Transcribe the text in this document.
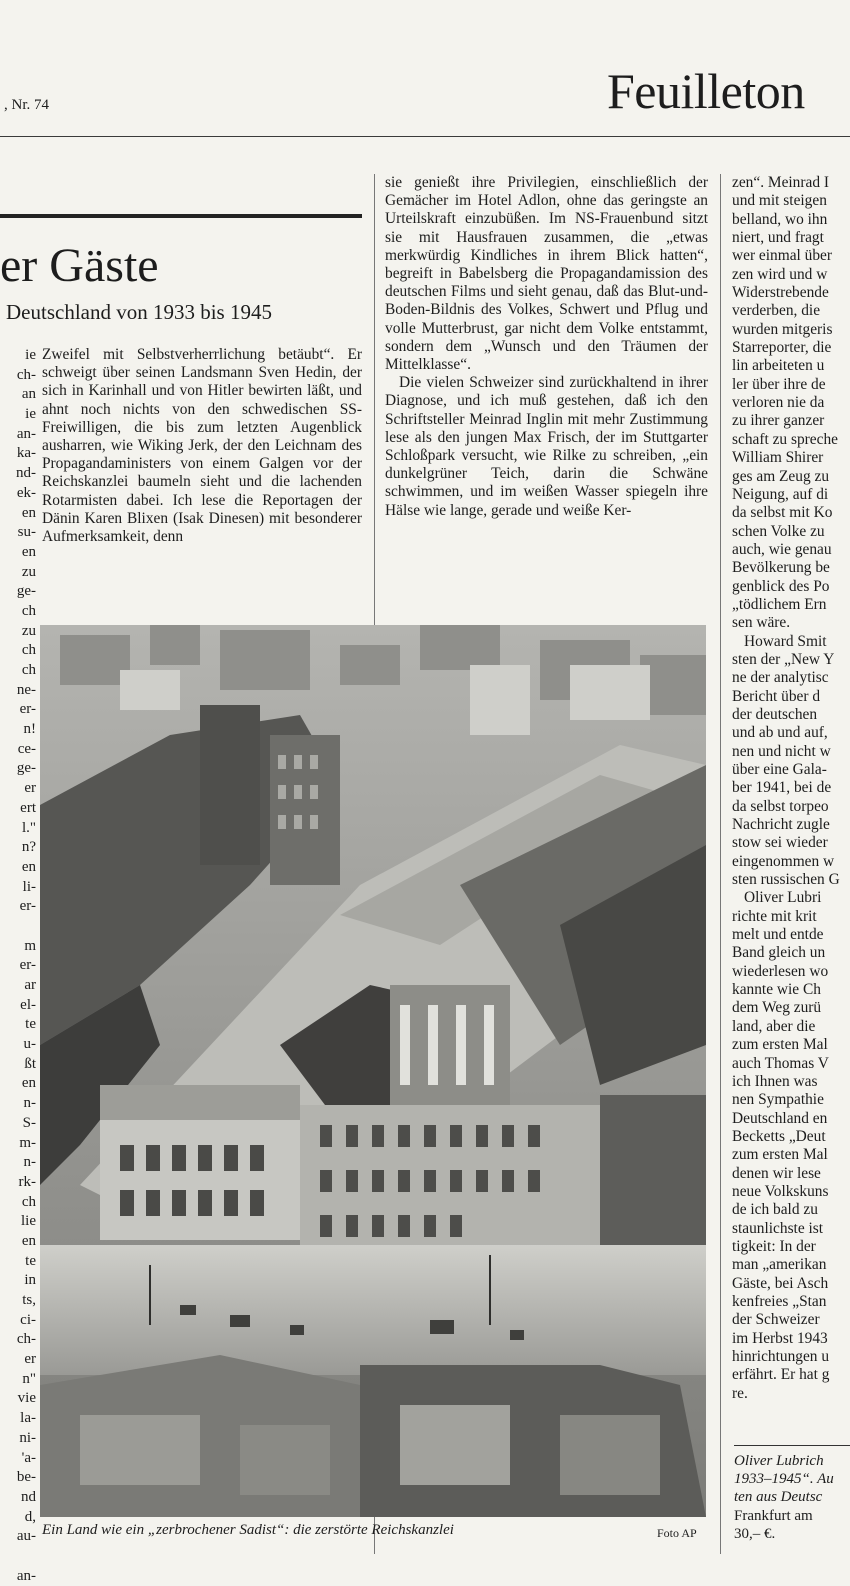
, Nr. 74	Feuilleton
er Gäste
Deutschland von 1933 bis 1945
ie
ch-
an
ie
an-
ka-
nd-
ek-
en
su-
en
zu
ge-
ch
zu
ch
ch
ne-
er-
n!
ce-
ge-
er
ert
l."
n?
en
li-
er-
m
er-
ar
el-
te
u-
ßt
en
n-
S-
m-
n-
rk-
ch
lie
en
te
in
ts,
ci-
ch-
er
n"
vie
la-
ni-
'a-
be-
nd
d,
au-
an-

Zweifel mit Selbstverherrlichung betäubt“. Er schweigt über seinen Landsmann Sven Hedin, der sich in Karinhall und von Hitler bewirten läßt, und ahnt noch nichts von den schwedischen SS-Freiwilligen, die bis zum letzten Augenblick ausharren, wie Wiking Jerk, der den Leichnam des Propagandaministers von einem Galgen vor der Reichskanzlei baumeln sieht und die lachenden Rotarmisten dabei. Ich lese die Reportagen der Dänin Karen Blixen (Isak Dinesen) mit besonderer Aufmerksamkeit, denn

sie genießt ihre Privilegien, einschließlich der Gemächer im Hotel Adlon, ohne das geringste an Urteilskraft einzubüßen. Im NS-Frauenbund sitzt sie mit Hausfrauen zusammen, die „etwas merkwürdig Kindliches in ihrem Blick hatten“, begreift in Babelsberg die Propagandamission des deutschen Films und sieht genau, daß das Blut-und-Boden-Bildnis des Volkes, Schwert und Pflug und volle Mutterbrust, gar nicht dem Volke entstammt, sondern dem „Wunsch und den Träumen der Mittelklasse“.

Die vielen Schweizer sind zurückhaltend in ihrer Diagnose, und ich muß gestehen, daß ich den Schriftsteller Meinrad Inglin mit mehr Zustimmung lese als den jungen Max Frisch, der im Stuttgarter Schloßpark versucht, wie Rilke zu schreiben, „ein dunkelgrüner Teich, darin die Schwäne schwimmen, und im weißen Wasser spiegeln ihre Hälse wie lange, gerade und weiße Ker-

zen“. Meinrad I
und mit steigen
belland, wo ihn
niert, und fragt
wer einmal über
zen wird und w
Widerstrebende
verderben, die
wurden mitgeris
Starreporter, die
lin arbeiteten u
ler über ihre de
verloren nie da
zu ihrer ganzer
schaft zu spreche
William Shirer
ges am Zeug zu
Neigung, auf di
da selbst mit Ko
schen Volke zu
auch, wie genau
Bevölkerung be
genblick des Po
„tödlichem Ern
sen wäre.
Howard Smit
sten der „New Y
ne der analytisc
Bericht über d
der deutschen
und ab und auf,
nen und nicht w
über eine Gala-
ber 1941, bei de
da selbst torpeo
Nachricht zugle
stow sei wieder
eingenommen w
sten russischen G
Oliver Lubri
richte mit krit
melt und entde
Band gleich un
wiederlesen wo
kannte wie Ch
dem Weg zurü
land, aber die
zum ersten Mal
auch Thomas V
ich Ihnen was
nen Sympathie
Deutschland en
Becketts „Deut
zum ersten Mal
denen wir lese
neue Volkskuns
de ich bald zu
staunlichste ist
tigkeit: In der
man „amerikan
Gäste, bei Asch
kenfreies „Stan
der Schweizer
im Herbst 1943
hinrichtungen u
erfährt. Er hat g
re.
Oliver Lubrich
1933–1945“. Au
ten aus Deutsc
Frankfurt am
30,– €.
Ein Land wie ein „zerbrochener Sadist“: die zerstörte Reichskanzlei	Foto AP
